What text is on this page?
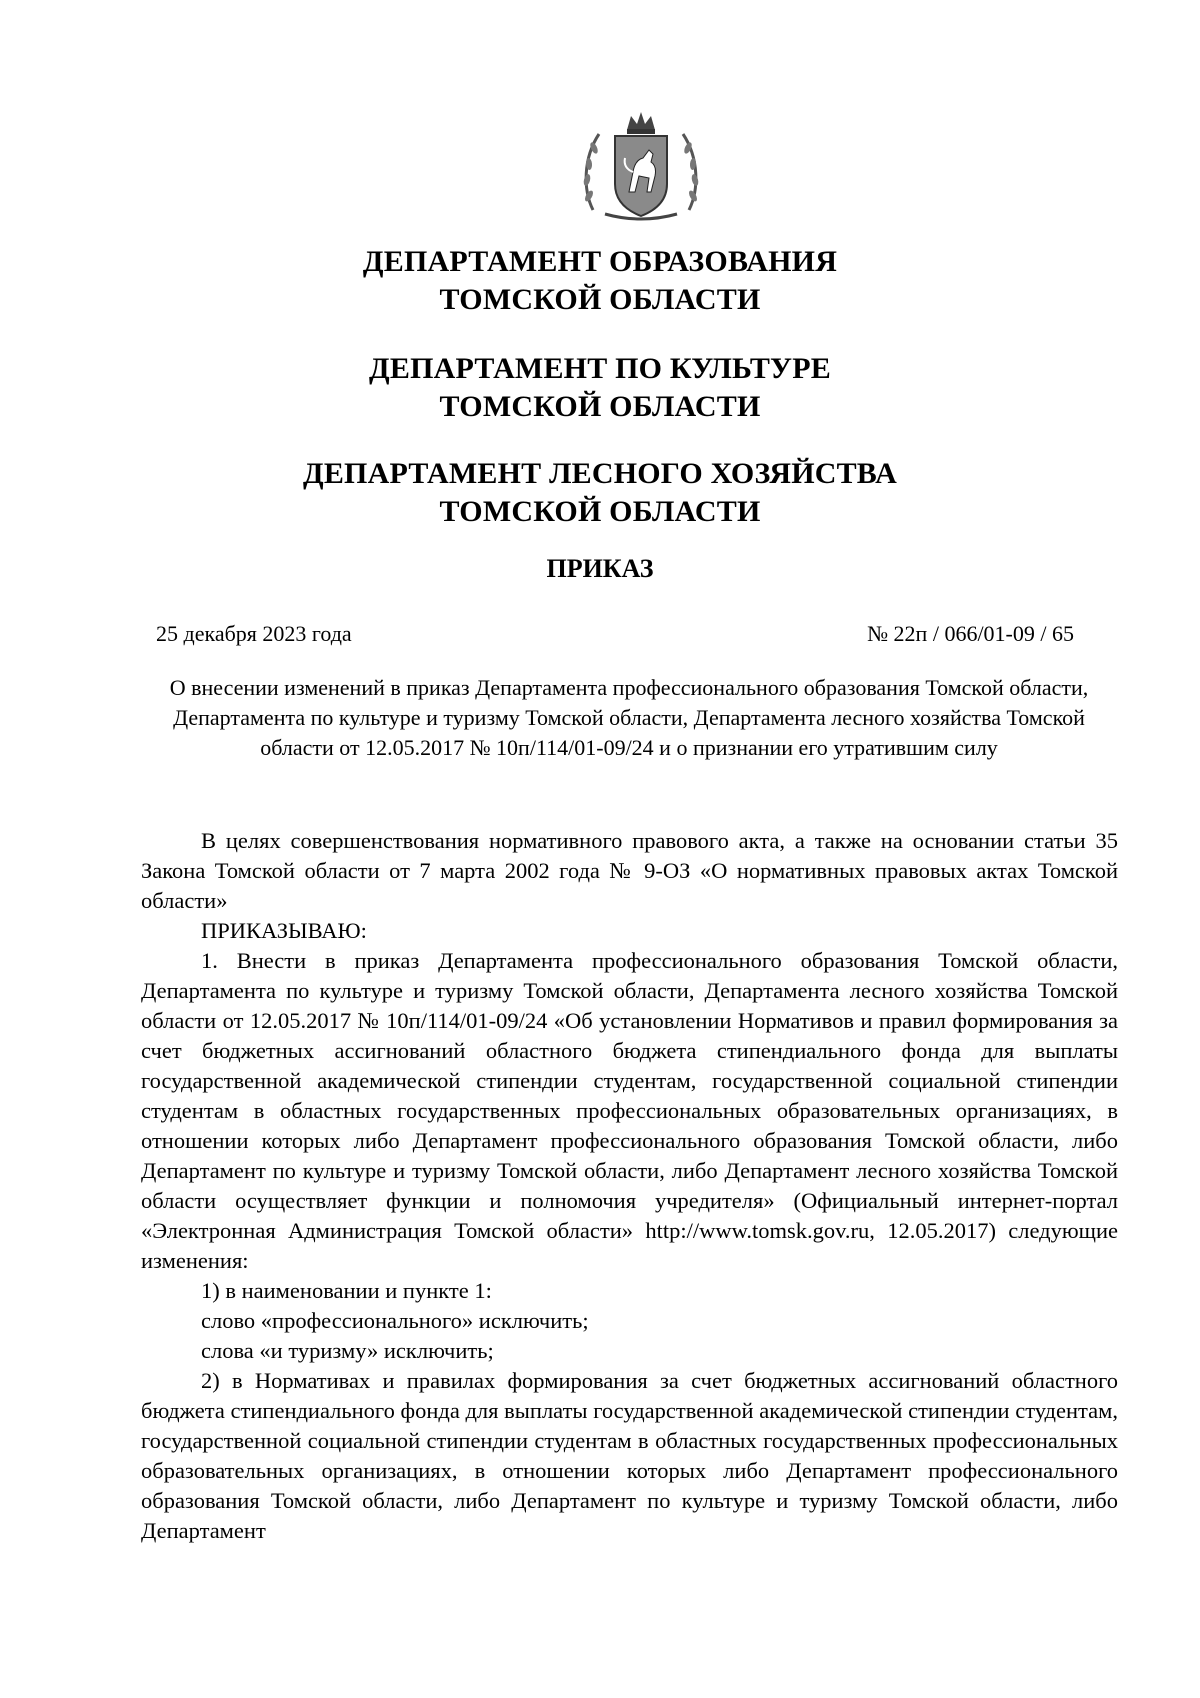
ДЕПАРТАМЕНТ ОБРАЗОВАНИЯ
ТОМСКОЙ ОБЛАСТИ
ДЕПАРТАМЕНТ ПО КУЛЬТУРЕ
ТОМСКОЙ ОБЛАСТИ
ДЕПАРТАМЕНТ ЛЕСНОГО ХОЗЯЙСТВА
ТОМСКОЙ ОБЛАСТИ
ПРИКАЗ
25 декабря 2023 года	№ 22п / 066/01-09 / 65
О внесении изменений в приказ Департамента профессионального образования Томской области, Департамента по культуре и туризму Томской области, Департамента лесного хозяйства Томской области от 12.05.2017 № 10п/114/01-09/24 и о признании его утратившим силу

В целях совершенствования нормативного правового акта, а также на основании статьи 35 Закона Томской области от 7 марта 2002 года № 9-ОЗ «О нормативных правовых актах Томской области»

ПРИКАЗЫВАЮ:

1. Внести в приказ Департамента профессионального образования Томской области, Департамента по культуре и туризму Томской области, Департамента лесного хозяйства Томской области от 12.05.2017 № 10п/114/01-09/24 «Об установлении Нормативов и правил формирования за счет бюджетных ассигнований областного бюджета стипендиального фонда для выплаты государственной академической стипендии студентам, государственной социальной стипендии студентам в областных государственных профессиональных образовательных организациях, в отношении которых либо Департамент профессионального образования Томской области, либо Департамент по культуре и туризму Томской области, либо Департамент лесного хозяйства Томской области осуществляет функции и полномочия учредителя» (Официальный интернет-портал «Электронная Администрация Томской области» http://www.tomsk.gov.ru, 12.05.2017) следующие изменения:

1) в наименовании и пункте 1:

слово «профессионального» исключить;

слова «и туризму» исключить;

2) в Нормативах и правилах формирования за счет бюджетных ассигнований областного бюджета стипендиального фонда для выплаты государственной академической стипендии студентам, государственной социальной стипендии студентам в областных государственных профессиональных образовательных организациях, в отношении которых либо Департамент профессионального образования Томской области, либо Департамент по культуре и туризму Томской области, либо Департамент
